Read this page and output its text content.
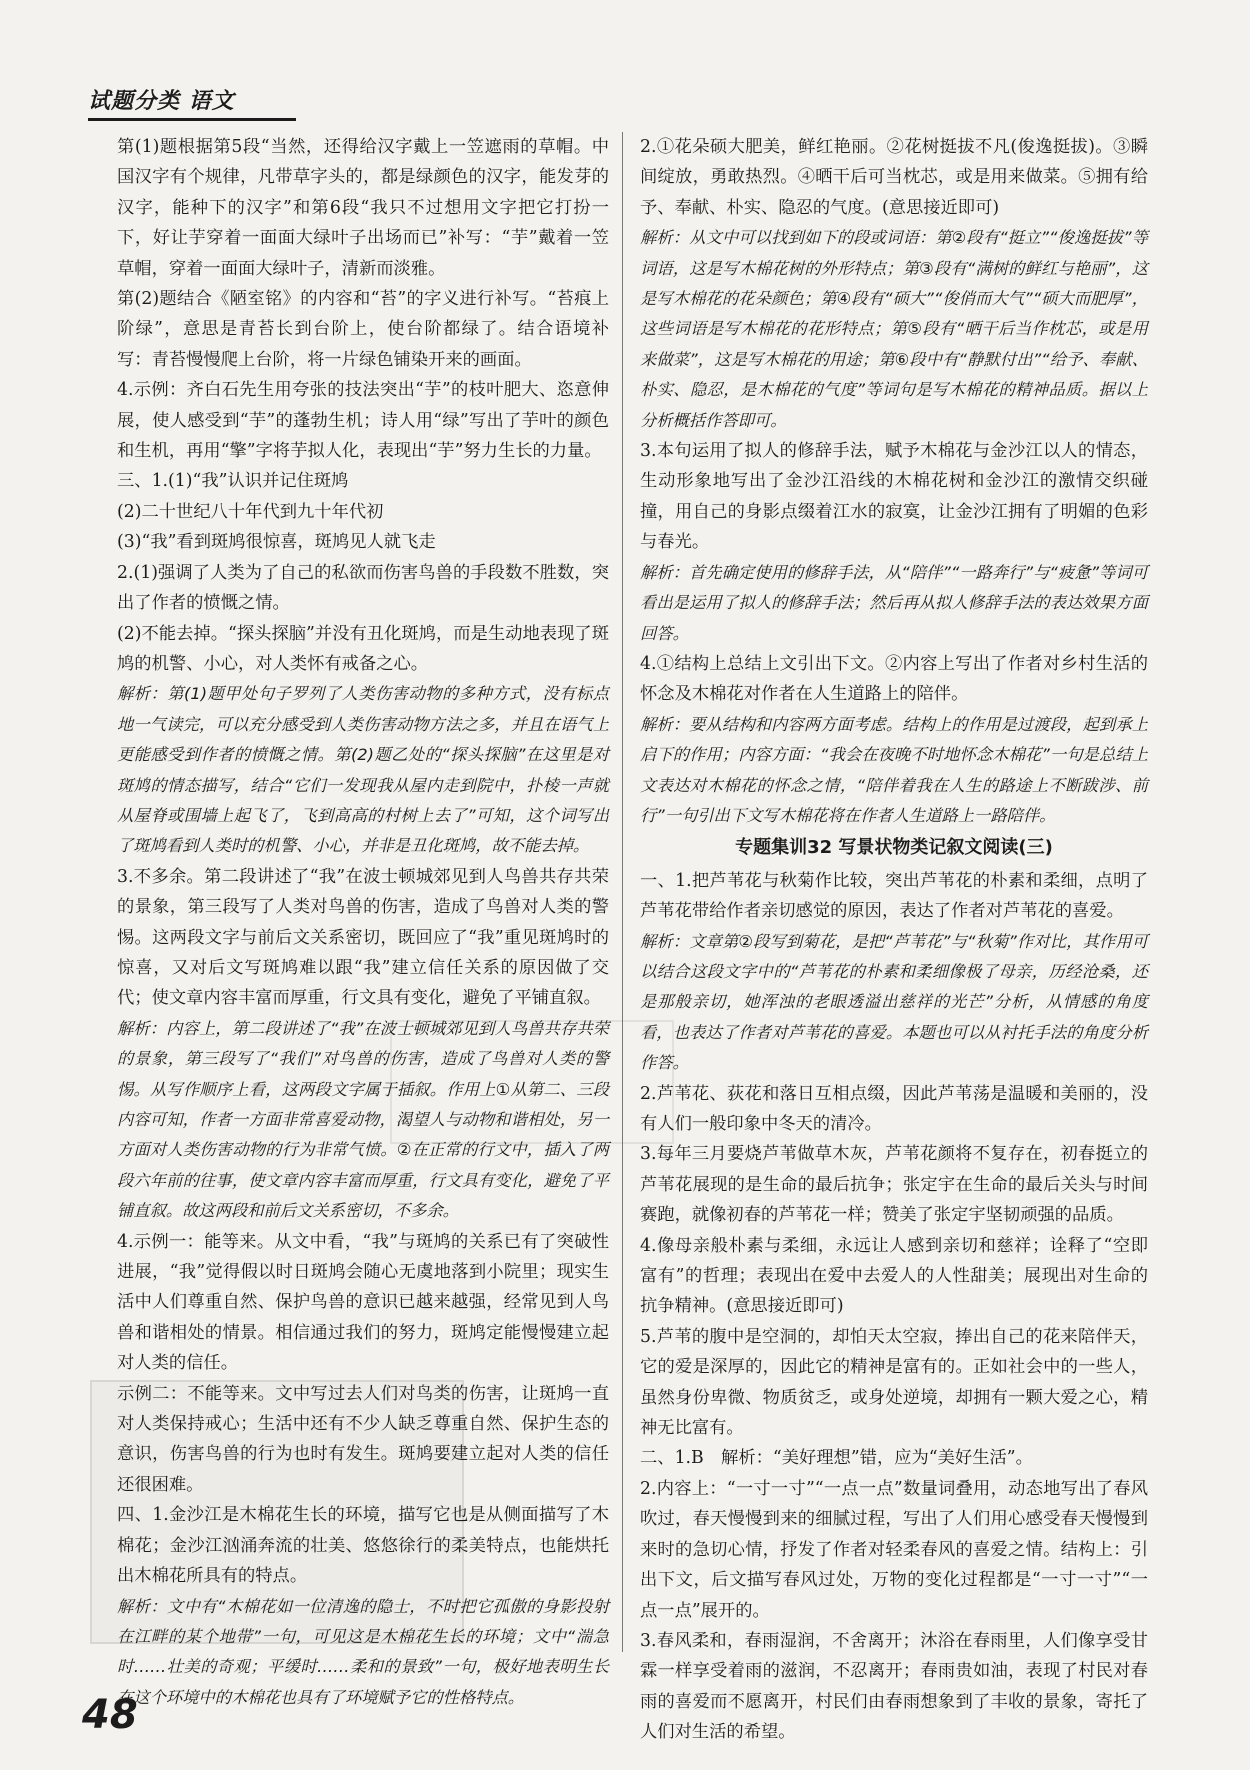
试题分类 语文

第(1)题根据第5段“当然，还得给汉字戴上一笠遮雨的草帽。中国汉字有个规律，凡带草字头的，都是绿颜色的汉字，能发芽的汉字，能种下的汉字”和第6段“我只不过想用文字把它打扮一下，好让芋穿着一面面大绿叶子出场而已”补写：“芋”戴着一笠草帽，穿着一面面大绿叶子，清新而淡雅。

第(2)题结合《陋室铭》的内容和“苔”的字义进行补写。“苔痕上阶绿”，意思是青苔长到台阶上，使台阶都绿了。结合语境补写：青苔慢慢爬上台阶，将一片绿色铺染开来的画面。

4.示例：齐白石先生用夸张的技法突出“芋”的枝叶肥大、恣意伸展，使人感受到“芋”的蓬勃生机；诗人用“绿”写出了芋叶的颜色和生机，再用“擎”字将芋拟人化，表现出“芋”努力生长的力量。

三、1.(1)“我”认识并记住斑鸠

(2)二十世纪八十年代到九十年代初

(3)“我”看到斑鸠很惊喜，斑鸠见人就飞走

2.(1)强调了人类为了自己的私欲而伤害鸟兽的手段数不胜数，突出了作者的愤慨之情。

(2)不能去掉。“探头探脑”并没有丑化斑鸠，而是生动地表现了斑鸠的机警、小心，对人类怀有戒备之心。

解析：第(1)题甲处句子罗列了人类伤害动物的多种方式，没有标点地一气读完，可以充分感受到人类伤害动物方法之多，并且在语气上更能感受到作者的愤慨之情。第(2)题乙处的“探头探脑”在这里是对斑鸠的情态描写，结合“它们一发现我从屋内走到院中，扑棱一声就从屋脊或围墙上起飞了，飞到高高的村树上去了”可知，这个词写出了斑鸠看到人类时的机警、小心，并非是丑化斑鸠，故不能去掉。

3.不多余。第二段讲述了“我”在波士顿城郊见到人鸟兽共存共荣的景象，第三段写了人类对鸟兽的伤害，造成了鸟兽对人类的警惕。这两段文字与前后文关系密切，既回应了“我”重见斑鸠时的惊喜，又对后文写斑鸠难以跟“我”建立信任关系的原因做了交代；使文章内容丰富而厚重，行文具有变化，避免了平铺直叙。

解析：内容上，第二段讲述了“我”在波士顿城郊见到人鸟兽共存共荣的景象，第三段写了“我们”对鸟兽的伤害，造成了鸟兽对人类的警惕。从写作顺序上看，这两段文字属于插叙。作用上①从第二、三段内容可知，作者一方面非常喜爱动物，渴望人与动物和谐相处，另一方面对人类伤害动物的行为非常气愤。②在正常的行文中，插入了两段六年前的往事，使文章内容丰富而厚重，行文具有变化，避免了平铺直叙。故这两段和前后文关系密切，不多余。

4.示例一：能等来。从文中看，“我”与斑鸠的关系已有了突破性进展，“我”觉得假以时日斑鸠会随心无虞地落到小院里；现实生活中人们尊重自然、保护鸟兽的意识已越来越强，经常见到人鸟兽和谐相处的情景。相信通过我们的努力，斑鸠定能慢慢建立起对人类的信任。

示例二：不能等来。文中写过去人们对鸟类的伤害，让斑鸠一直对人类保持戒心；生活中还有不少人缺乏尊重自然、保护生态的意识，伤害鸟兽的行为也时有发生。斑鸠要建立起对人类的信任还很困难。

四、1.金沙江是木棉花生长的环境，描写它也是从侧面描写了木棉花；金沙江汹涌奔流的壮美、悠悠徐行的柔美特点，也能烘托出木棉花所具有的特点。

解析：文中有“木棉花如一位清逸的隐士，不时把它孤傲的身影投射在江畔的某个地带”一句，可见这是木棉花生长的环境；文中“湍急时……壮美的奇观；平缓时……柔和的景致”一句，极好地表明生长在这个环境中的木棉花也具有了环境赋予它的性格特点。

2.①花朵硕大肥美，鲜红艳丽。②花树挺拔不凡(俊逸挺拔)。③瞬间绽放，勇敢热烈。④晒干后可当枕芯，或是用来做菜。⑤拥有给予、奉献、朴实、隐忍的气度。(意思接近即可)

解析：从文中可以找到如下的段或词语：第②段有“挺立”“俊逸挺拔”等词语，这是写木棉花树的外形特点；第③段有“满树的鲜红与艳丽”，这是写木棉花的花朵颜色；第④段有“硕大”“俊俏而大气”“硕大而肥厚”，这些词语是写木棉花的花形特点；第⑤段有“晒干后当作枕芯，或是用来做菜”，这是写木棉花的用途；第⑥段中有“静默付出”“给予、奉献、朴实、隐忍，是木棉花的气度”等词句是写木棉花的精神品质。据以上分析概括作答即可。

3.本句运用了拟人的修辞手法，赋予木棉花与金沙江以人的情态，生动形象地写出了金沙江沿线的木棉花树和金沙江的激情交织碰撞，用自己的身影点缀着江水的寂寞，让金沙江拥有了明媚的色彩与春光。

解析：首先确定使用的修辞手法，从“陪伴”“一路奔行”与“疲惫”等词可看出是运用了拟人的修辞手法；然后再从拟人修辞手法的表达效果方面回答。

4.①结构上总结上文引出下文。②内容上写出了作者对乡村生活的怀念及木棉花对作者在人生道路上的陪伴。

解析：要从结构和内容两方面考虑。结构上的作用是过渡段，起到承上启下的作用；内容方面：“我会在夜晚不时地怀念木棉花”一句是总结上文表达对木棉花的怀念之情，“陪伴着我在人生的路途上不断跋涉、前行”一句引出下文写木棉花将在作者人生道路上一路陪伴。

专题集训32 写景状物类记叙文阅读(三)

一、1.把芦苇花与秋菊作比较，突出芦苇花的朴素和柔细，点明了芦苇花带给作者亲切感觉的原因，表达了作者对芦苇花的喜爱。

解析：文章第②段写到菊花，是把“芦苇花”与“秋菊”作对比，其作用可以结合这段文字中的“芦苇花的朴素和柔细像极了母亲，历经沧桑，还是那般亲切，她浑浊的老眼透溢出慈祥的光芒”分析，从情感的角度看，也表达了作者对芦苇花的喜爱。本题也可以从衬托手法的角度分析作答。

2.芦苇花、荻花和落日互相点缀，因此芦苇荡是温暖和美丽的，没有人们一般印象中冬天的清冷。

3.每年三月要烧芦苇做草木灰，芦苇花颜将不复存在，初春挺立的芦苇花展现的是生命的最后抗争；张定宇在生命的最后关头与时间赛跑，就像初春的芦苇花一样；赞美了张定宇坚韧顽强的品质。

4.像母亲般朴素与柔细，永远让人感到亲切和慈祥；诠释了“空即富有”的哲理；表现出在爱中去爱人的人性甜美；展现出对生命的抗争精神。(意思接近即可)

5.芦苇的腹中是空洞的，却怕天太空寂，捧出自己的花来陪伴天，它的爱是深厚的，因此它的精神是富有的。正如社会中的一些人，虽然身份卑微、物质贫乏，或身处逆境，却拥有一颗大爱之心，精神无比富有。

二、1.B　解析：“美好理想”错，应为“美好生活”。

2.内容上：“一寸一寸”“一点一点”数量词叠用，动态地写出了春风吹过，春天慢慢到来的细腻过程，写出了人们用心感受春天慢慢到来时的急切心情，抒发了作者对轻柔春风的喜爱之情。结构上：引出下文，后文描写春风过处，万物的变化过程都是“一寸一寸”“一点一点”展开的。

3.春风柔和，春雨湿润，不舍离开；沐浴在春雨里，人们像享受甘霖一样享受着雨的滋润，不忍离开；春雨贵如油，表现了村民对春雨的喜爱而不愿离开，村民们由春雨想象到了丰收的景象，寄托了人们对生活的希望。

48
